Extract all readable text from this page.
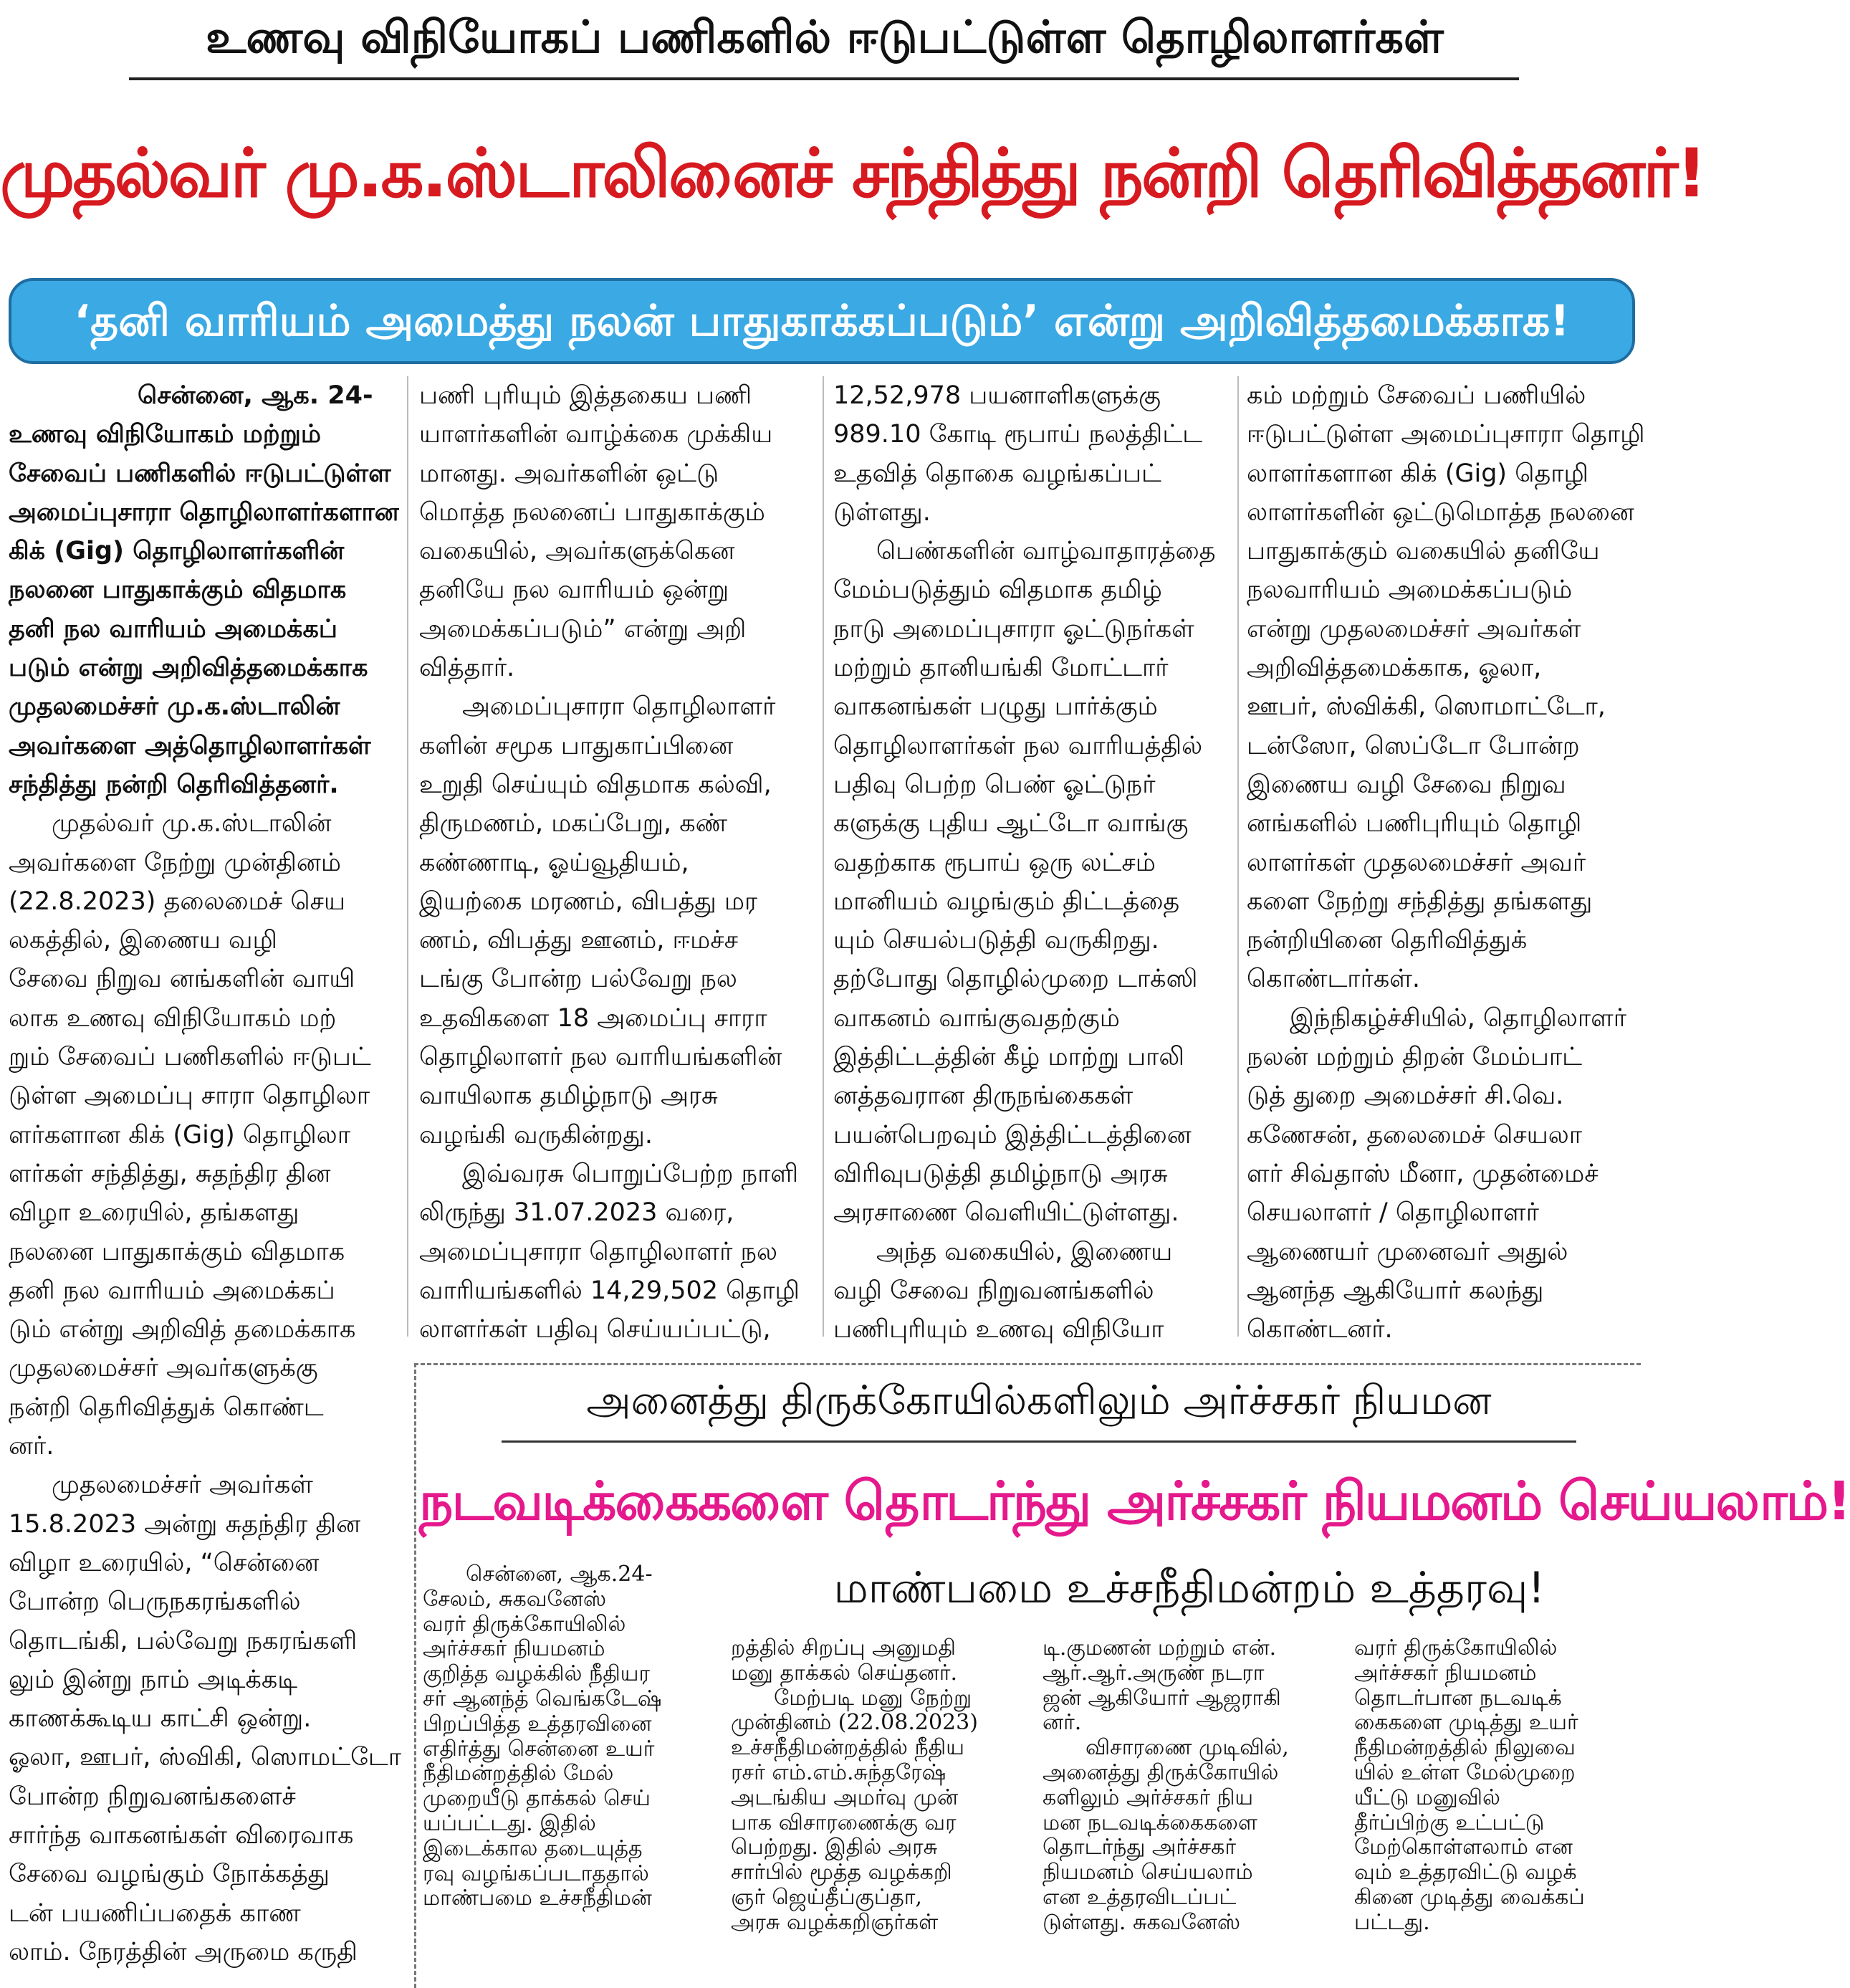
உணவு விநியோகப் பணிகளில் ஈடுபட்டுள்ள தொழிலாளர்கள்
முதல்வர் மு.க.ஸ்டாலினைச் சந்தித்து நன்றி தெரிவித்தனர்!
‘தனி வாரியம் அமைத்து நலன் பாதுகாக்கப்படும்’ என்று அறிவித்தமைக்காக!
சென்னை, ஆக. 24-
உணவு விநியோகம் மற்றும்
சேவைப் பணிகளில் ஈடுபட்டுள்ள
அமைப்புசாரா தொழிலாளர்களான
கிக் (Gig) தொழிலாளர்களின்
நலனை பாதுகாக்கும் விதமாக
தனி நல வாரியம் அமைக்கப்
படும் என்று அறிவித்தமைக்காக
முதலமைச்சர் மு.க.ஸ்டாலின்
அவர்களை அத்தொழிலாளர்கள்
சந்தித்து நன்றி தெரிவித்தனர்.
முதல்வர் மு.க.ஸ்டாலின்
அவர்களை நேற்று முன்தினம்
(22.8.2023) தலைமைச் செய
லகத்தில், இணைய வழி
சேவை நிறுவ னங்களின் வாயி
லாக உணவு விநியோகம் மற்
றும் சேவைப் பணிகளில் ஈடுபட்
டுள்ள அமைப்பு சாரா தொழிலா
ளர்களான கிக் (Gig) தொழிலா
ளர்கள் சந்தித்து, சுதந்திர தின
விழா உரையில், தங்களது
நலனை பாதுகாக்கும் விதமாக
தனி நல வாரியம் அமைக்கப்
டும் என்று அறிவித் தமைக்காக
முதலமைச்சர் அவர்களுக்கு
நன்றி தெரிவித்துக் கொண்ட
னர்.
முதலமைச்சர் அவர்கள்
15.8.2023 அன்று சுதந்திர தின
விழா உரையில், “சென்னை
போன்ற பெருநகரங்களில்
தொடங்கி, பல்வேறு நகரங்களி
லும் இன்று நாம் அடிக்கடி
காணக்கூடிய காட்சி ஒன்று.
ஓலா, ஊபர், ஸ்விகி, ஸொமட்டோ
போன்ற நிறுவனங்களைச்
சார்ந்த வாகனங்கள் விரைவாக
சேவை வழங்கும் நோக்கத்து
டன் பயணிப்பதைக் காண
லாம். நேரத்தின் அருமை கருதி
பணி புரியும் இத்தகைய பணி
யாளர்களின் வாழ்க்கை முக்கிய
மானது. அவர்களின் ஒட்டு
மொத்த நலனைப் பாதுகாக்கும்
வகையில், அவர்களுக்கென
தனியே நல வாரியம் ஒன்று
அமைக்கப்படும்” என்று அறி
வித்தார்.
அமைப்புசாரா தொழிலாளர்
களின் சமூக பாதுகாப்பினை
உறுதி செய்யும் விதமாக கல்வி,
திருமணம், மகப்பேறு, கண்
கண்ணாடி, ஓய்வூதியம்,
இயற்கை மரணம், விபத்து மர
ணம், விபத்து ஊனம், ஈமச்ச
டங்கு போன்ற பல்வேறு நல
உதவிகளை 18 அமைப்பு சாரா
தொழிலாளர் நல வாரியங்களின்
வாயிலாக தமிழ்நாடு அரசு
வழங்கி வருகின்றது.
இவ்வரசு பொறுப்பேற்ற நாளி
லிருந்து 31.07.2023 வரை,
அமைப்புசாரா தொழிலாளர் நல
வாரியங்களில் 14,29,502 தொழி
லாளர்கள் பதிவு செய்யப்பட்டு,
12,52,978 பயனாளிகளுக்கு
989.10 கோடி ரூபாய் நலத்திட்ட
உதவித் தொகை வழங்கப்பட்
டுள்ளது.
பெண்களின் வாழ்வாதாரத்தை
மேம்படுத்தும் விதமாக தமிழ்
நாடு அமைப்புசாரா ஓட்டுநர்கள்
மற்றும் தானியங்கி மோட்டார்
வாகனங்கள் பழுது பார்க்கும்
தொழிலாளர்கள் நல வாரியத்தில்
பதிவு பெற்ற பெண் ஓட்டுநர்
களுக்கு புதிய ஆட்டோ வாங்கு
வதற்காக ரூபாய் ஒரு லட்சம்
மானியம் வழங்கும் திட்டத்தை
யும் செயல்படுத்தி வருகிறது.
தற்போது தொழில்முறை டாக்ஸி
வாகனம் வாங்குவதற்கும்
இத்திட்டத்தின் கீழ் மாற்று பாலி
னத்தவரான திருநங்கைகள்
பயன்பெறவும் இத்திட்டத்தினை
விரிவுபடுத்தி தமிழ்நாடு அரசு
அரசாணை வெளியிட்டுள்ளது.
அந்த வகையில், இணைய
வழி சேவை நிறுவனங்களில்
பணிபுரியும் உணவு விநியோ
கம் மற்றும் சேவைப் பணியில்
ஈடுபட்டுள்ள அமைப்புசாரா தொழி
லாளர்களான கிக் (Gig) தொழி
லாளர்களின் ஒட்டுமொத்த நலனை
பாதுகாக்கும் வகையில் தனியே
நலவாரியம் அமைக்கப்படும்
என்று முதலமைச்சர் அவர்கள்
அறிவித்தமைக்காக, ஓலா,
ஊபர், ஸ்விக்கி, ஸொமாட்டோ,
டன்ஸோ, ஸெப்டோ போன்ற
இணைய வழி சேவை நிறுவ
னங்களில் பணிபுரியும் தொழி
லாளர்கள் முதலமைச்சர் அவர்
களை நேற்று சந்தித்து தங்களது
நன்றியினை தெரிவித்துக்
கொண்டார்கள்.
இந்நிகழ்ச்சியில், தொழிலாளர்
நலன் மற்றும் திறன் மேம்பாட்
டுத் துறை அமைச்சர் சி.வெ.
கணேசன், தலைமைச் செயலா
ளர் சிவ்தாஸ் மீனா, முதன்மைச்
செயலாளர் / தொழிலாளர்
ஆணையர் முனைவர் அதுல்
ஆனந்த ஆகியோர் கலந்து
கொண்டனர்.
அனைத்து திருக்கோயில்களிலும் அர்ச்சகர் நியமன
நடவடிக்கைகளை தொடர்ந்து அர்ச்சகர் நியமனம் செய்யலாம்!
மாண்பமை உச்சநீதிமன்றம் உத்தரவு!
சென்னை, ஆக.24-
சேலம், சுகவனேஸ்
வரர் திருக்கோயிலில்
அர்ச்சகர் நியமனம்
குறித்த வழக்கில் நீதியர
சர் ஆனந்த் வெங்கடேஷ்
பிறப்பித்த உத்தரவினை
எதிர்த்து சென்னை உயர்
நீதிமன்றத்தில் மேல்
முறையீடு தாக்கல் செய்
யப்பட்டது. இதில்
இடைக்கால தடையுத்த
ரவு வழங்கப்படாததால்
மாண்பமை உச்சநீதிமன்
றத்தில் சிறப்பு அனுமதி
மனு தாக்கல் செய்தனர்.
மேற்படி மனு நேற்று
முன்தினம் (22.08.2023)
உச்சநீதிமன்றத்தில் நீதிய
ரசர் எம்.எம்.சுந்தரேஷ்
அடங்கிய அமர்வு முன்
பாக விசாரணைக்கு வர
பெற்றது. இதில் அரசு
சார்பில் மூத்த வழக்கறி
ஞர் ஜெய்தீப்குப்தா,
அரசு வழக்கறிஞர்கள்
டி.குமணன் மற்றும் என்.
ஆர்.ஆர்.அருண் நடரா
ஜன் ஆகியோர் ஆஜராகி
னர்.
விசாரணை முடிவில்,
அனைத்து திருக்கோயில்
களிலும் அர்ச்சகர் நிய
மன நடவடிக்கைகளை
தொடர்ந்து அர்ச்சகர்
நியமனம் செய்யலாம்
என உத்தரவிடப்பட்
டுள்ளது. சுகவனேஸ்
வரர் திருக்கோயிலில்
அர்ச்சகர் நியமனம்
தொடர்பான நடவடிக்
கைகளை முடித்து உயர்
நீதிமன்றத்தில் நிலுவை
யில் உள்ள மேல்முறை
யீட்டு மனுவில்
தீர்ப்பிற்கு உட்பட்டு
மேற்கொள்ளலாம் என
வும் உத்தரவிட்டு வழக்
கினை முடித்து வைக்கப்
பட்டது.
